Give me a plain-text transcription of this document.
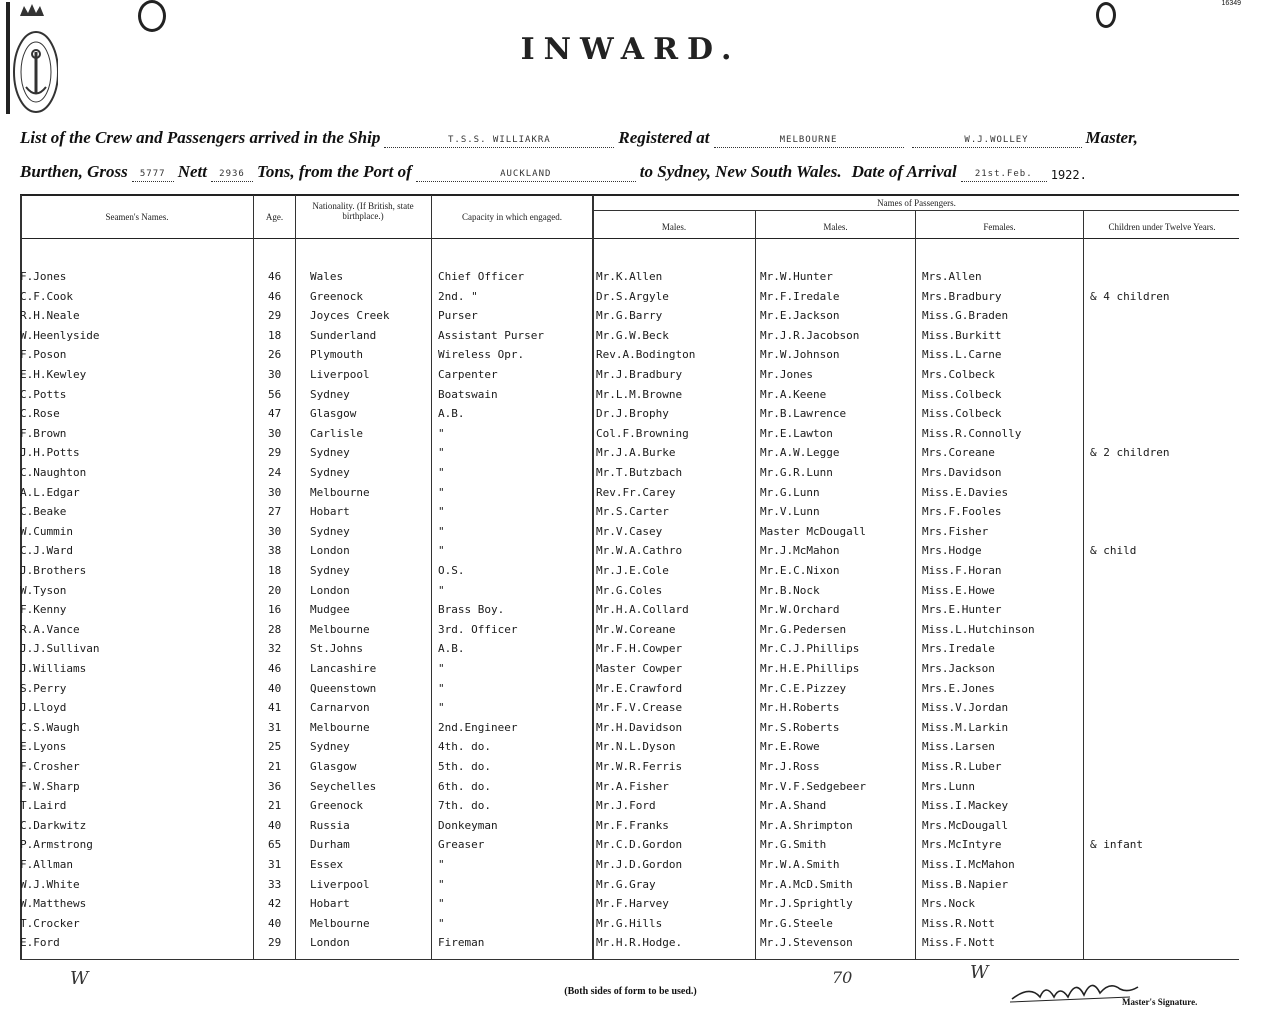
16349
INWARD.
List of the Crew and Passengers arrived in the Ship	T.S.S. WILLIAKRA	Registered at	MELBOURNE	W.J.WOLLEY	Master,
Burthen, Gross	5777 Nett	2936 Tons, from the Port of	AUCKLAND	to Sydney, New South Wales. Date of Arrival	21st.Feb.	1922.
Seamen's Names.	Age.
Nationality. (If British, state birthplace.)	Capacity in which engaged.
Names of Passengers.
Males.	Males.	Females.	Children under Twelve Years.
F.Jones	46	Wales	Chief Officer	Mr.K.Allen	Mr.W.Hunter	Mrs.Allen
C.F.Cook	46	Greenock	2nd. "	Dr.S.Argyle	Mr.F.Iredale	Mrs.Bradbury	& 4 children
R.H.Neale	29	Joyces Creek	Purser	Mr.G.Barry	Mr.E.Jackson	Miss.G.Braden
W.Heenlyside	18	Sunderland	Assistant Purser	Mr.G.W.Beck	Mr.J.R.Jacobson	Miss.Burkitt
F.Poson	26	Plymouth	Wireless Opr.	Rev.A.Bodington	Mr.W.Johnson	Miss.L.Carne
E.H.Kewley	30	Liverpool	Carpenter	Mr.J.Bradbury	Mr.Jones	Mrs.Colbeck
C.Potts	56	Sydney	Boatswain	Mr.L.M.Browne	Mr.A.Keene	Miss.Colbeck
C.Rose	47	Glasgow	A.B.	Dr.J.Brophy	Mr.B.Lawrence	Miss.Colbeck
F.Brown	30	Carlisle	"	Col.F.Browning	Mr.E.Lawton	Miss.R.Connolly
J.H.Potts	29	Sydney	"	Mr.J.A.Burke	Mr.A.W.Legge	Mrs.Coreane	& 2 children
C.Naughton	24	Sydney	"	Mr.T.Butzbach	Mr.G.R.Lunn	Mrs.Davidson
A.L.Edgar	30	Melbourne	"	Rev.Fr.Carey	Mr.G.Lunn	Miss.E.Davies
C.Beake	27	Hobart	"	Mr.S.Carter	Mr.V.Lunn	Mrs.F.Fooles
W.Cummin	30	Sydney	"	Mr.V.Casey	Master McDougall	Mrs.Fisher
C.J.Ward	38	London	"	Mr.W.A.Cathro	Mr.J.McMahon	Mrs.Hodge	& child
J.Brothers	18	Sydney	O.S.	Mr.J.E.Cole	Mr.E.C.Nixon	Miss.F.Horan
W.Tyson	20	London	"	Mr.G.Coles	Mr.B.Nock	Miss.E.Howe
F.Kenny	16	Mudgee	Brass Boy.	Mr.H.A.Collard	Mr.W.Orchard	Mrs.E.Hunter
R.A.Vance	28	Melbourne	3rd. Officer	Mr.W.Coreane	Mr.G.Pedersen	Miss.L.Hutchinson
J.J.Sullivan	32	St.Johns	A.B.	Mr.F.H.Cowper	Mr.C.J.Phillips	Mrs.Iredale
J.Williams	46	Lancashire	"	Master Cowper	Mr.H.E.Phillips	Mrs.Jackson
S.Perry	40	Queenstown	"	Mr.E.Crawford	Mr.C.E.Pizzey	Mrs.E.Jones
J.Lloyd	41	Carnarvon	"	Mr.F.V.Crease	Mr.H.Roberts	Miss.V.Jordan
C.S.Waugh	31	Melbourne	2nd.Engineer	Mr.H.Davidson	Mr.S.Roberts	Miss.M.Larkin
E.Lyons	25	Sydney	4th. do.	Mr.N.L.Dyson	Mr.E.Rowe	Miss.Larsen
F.Crosher	21	Glasgow	5th. do.	Mr.W.R.Ferris	Mr.J.Ross	Miss.R.Luber
F.W.Sharp	36	Seychelles	6th. do.	Mr.A.Fisher	Mr.V.F.Sedgebeer	Mrs.Lunn
T.Laird	21	Greenock	7th. do.	Mr.J.Ford	Mr.A.Shand	Miss.I.Mackey
C.Darkwitz	40	Russia	Donkeyman	Mr.F.Franks	Mr.A.Shrimpton	Mrs.McDougall
P.Armstrong	65	Durham	Greaser	Mr.C.D.Gordon	Mr.G.Smith	Mrs.McIntyre	& infant
F.Allman	31	Essex	"	Mr.J.D.Gordon	Mr.W.A.Smith	Miss.I.McMahon
W.J.White	33	Liverpool	"	Mr.G.Gray	Mr.A.McD.Smith	Miss.B.Napier
W.Matthews	42	Hobart	"	Mr.F.Harvey	Mr.J.Sprightly	Mrs.Nock
T.Crocker	40	Melbourne	"	Mr.G.Hills	Mr.G.Steele	Miss.R.Nott
E.Ford	29	London	Fireman	Mr.H.R.Hodge.	Mr.J.Stevenson	Miss.F.Nott
W	70	W
(Both sides of form to be used.)
Master's Signature.
